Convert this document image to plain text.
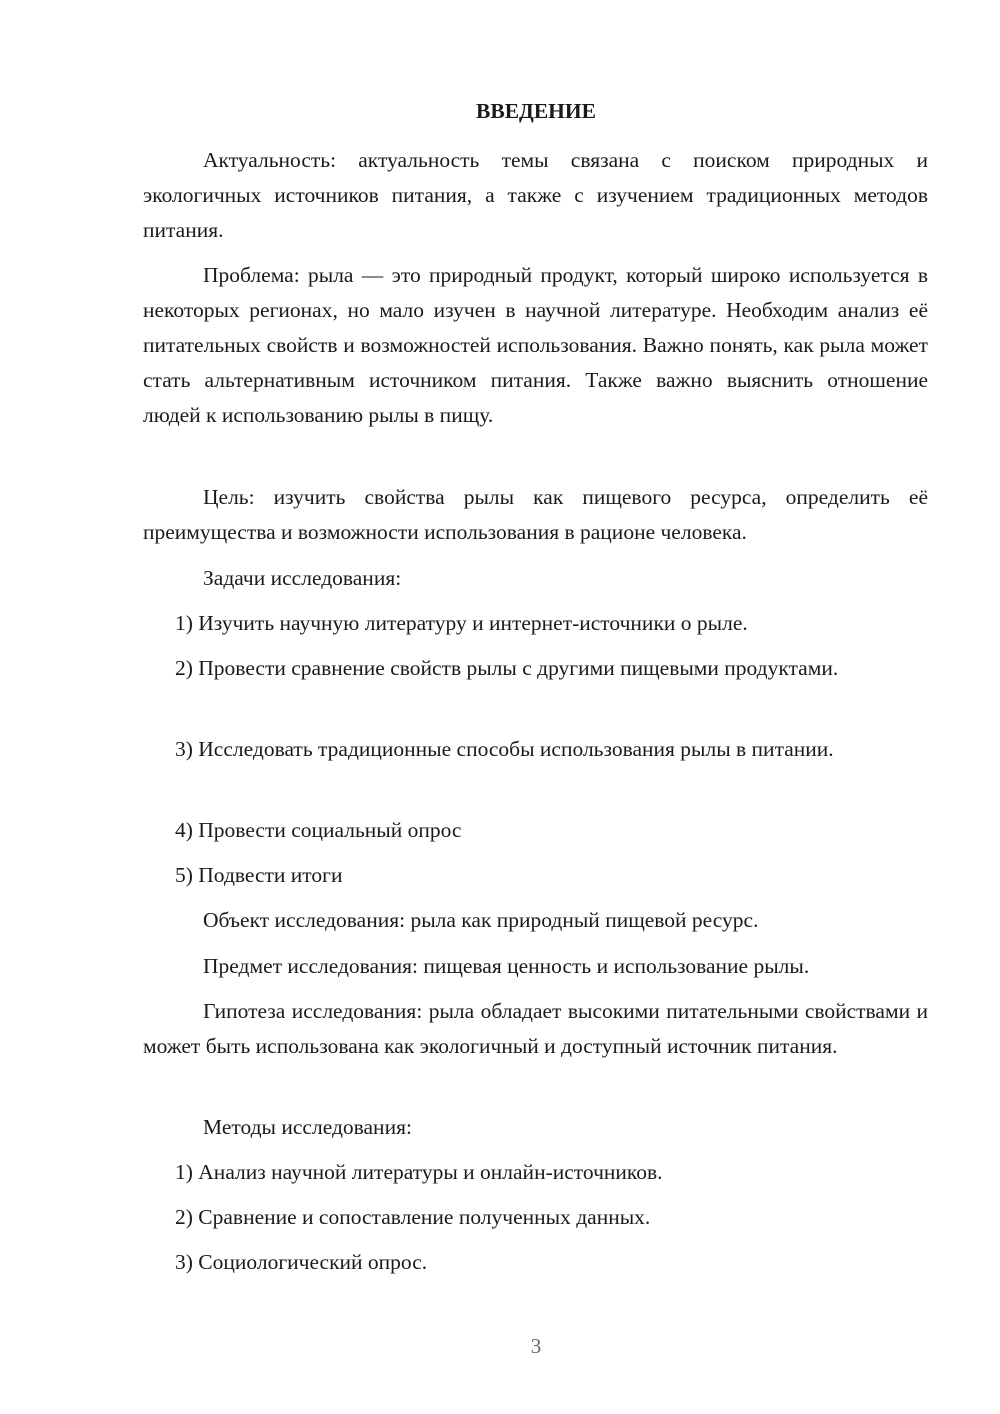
ВВЕДЕНИЕ

Актуальность: актуальность темы связана с поиском природных и экологичных источников питания, а также с изучением традиционных методов питания.

Проблема: рыла — это природный продукт, который широко используется в некоторых регионах, но мало изучен в научной литературе. Необходим анализ её питательных свойств и возможностей использования. Важно понять, как рыла может стать альтернативным источником питания. Также важно выяснить отношение людей к использованию рылы в пищу.

Цель: изучить свойства рылы как пищевого ресурса, определить её преимущества и возможности использования в рационе человека.

Задачи исследования:

1) Изучить научную литературу и интернет-источники о рыле.

2) Провести сравнение свойств рылы с другими пищевыми продуктами.

3) Исследовать традиционные способы использования рылы в питании.

4) Провести социальный опрос

5) Подвести итоги

Объект исследования: рыла как природный пищевой ресурс.

Предмет исследования: пищевая ценность и использование рылы.

Гипотеза исследования: рыла обладает высокими питательными свойствами и может быть использована как экологичный и доступный источник питания.

Методы исследования:

1) Анализ научной литературы и онлайн-источников.

2) Сравнение и сопоставление полученных данных.

3) Социологический опрос.

3
